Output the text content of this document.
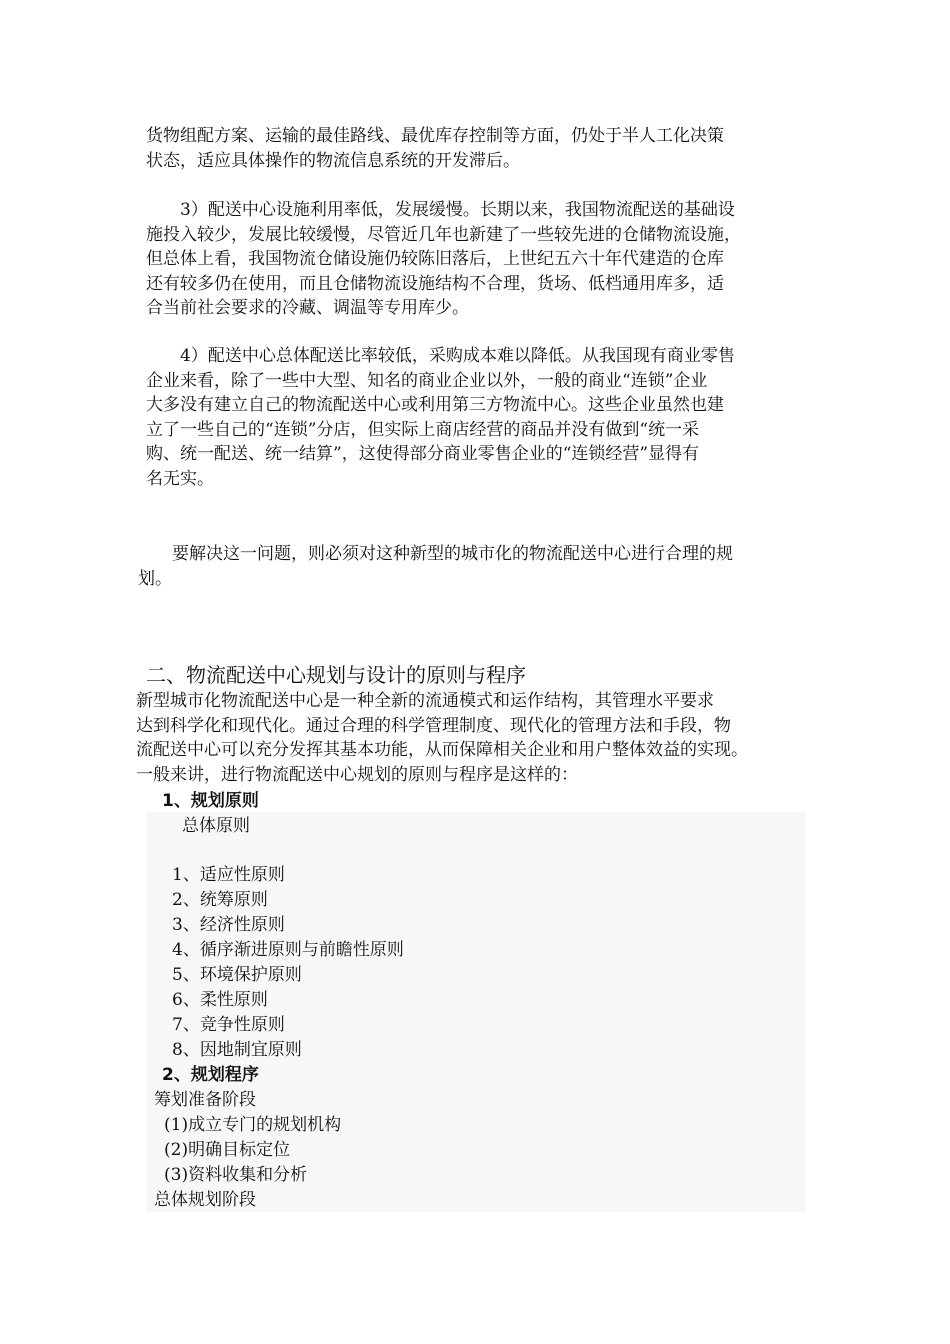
货物组配方案、运输的最佳路线、最优库存控制等方面，仍处于半人工化决策
状态，适应具体操作的物流信息系统的开发滞后。
　　3）配送中心设施利用率低，发展缓慢。长期以来，我国物流配送的基础设
施投入较少，发展比较缓慢，尽管近几年也新建了一些较先进的仓储物流设施，
但总体上看，我国物流仓储设施仍较陈旧落后，上世纪五六十年代建造的仓库
还有较多仍在使用，而且仓储物流设施结构不合理，货场、低档通用库多，适
合当前社会要求的冷藏、调温等专用库少。
　　4）配送中心总体配送比率较低，采购成本难以降低。从我国现有商业零售
企业来看，除了一些中大型、知名的商业企业以外，一般的商业“连锁”企业
大多没有建立自己的物流配送中心或利用第三方物流中心。这些企业虽然也建
立了一些自己的“连锁”分店，但实际上商店经营的商品并没有做到“统一采
购、统一配送、统一结算”，这使得部分商业零售企业的“连锁经营”显得有
名无实。
　　要解决这一问题，则必须对这种新型的城市化的物流配送中心进行合理的规
划。
二、物流配送中心规划与设计的原则与程序
新型城市化物流配送中心是一种全新的流通模式和运作结构，其管理水平要求
达到科学化和现代化。通过合理的科学管理制度、现代化的管理方法和手段，物
流配送中心可以充分发挥其基本功能，从而保障相关企业和用户整体效益的实现。
一般来讲，进行物流配送中心规划的原则与程序是这样的：
1、规划原则
总体原则
1、适应性原则
2、统筹原则
3、经济性原则
4、循序渐进原则与前瞻性原则
5、环境保护原则
6、柔性原则
7、竞争性原则
8、因地制宜原则
2、规划程序
筹划准备阶段
(1)成立专门的规划机构
(2)明确目标定位
(3)资料收集和分析
总体规划阶段
